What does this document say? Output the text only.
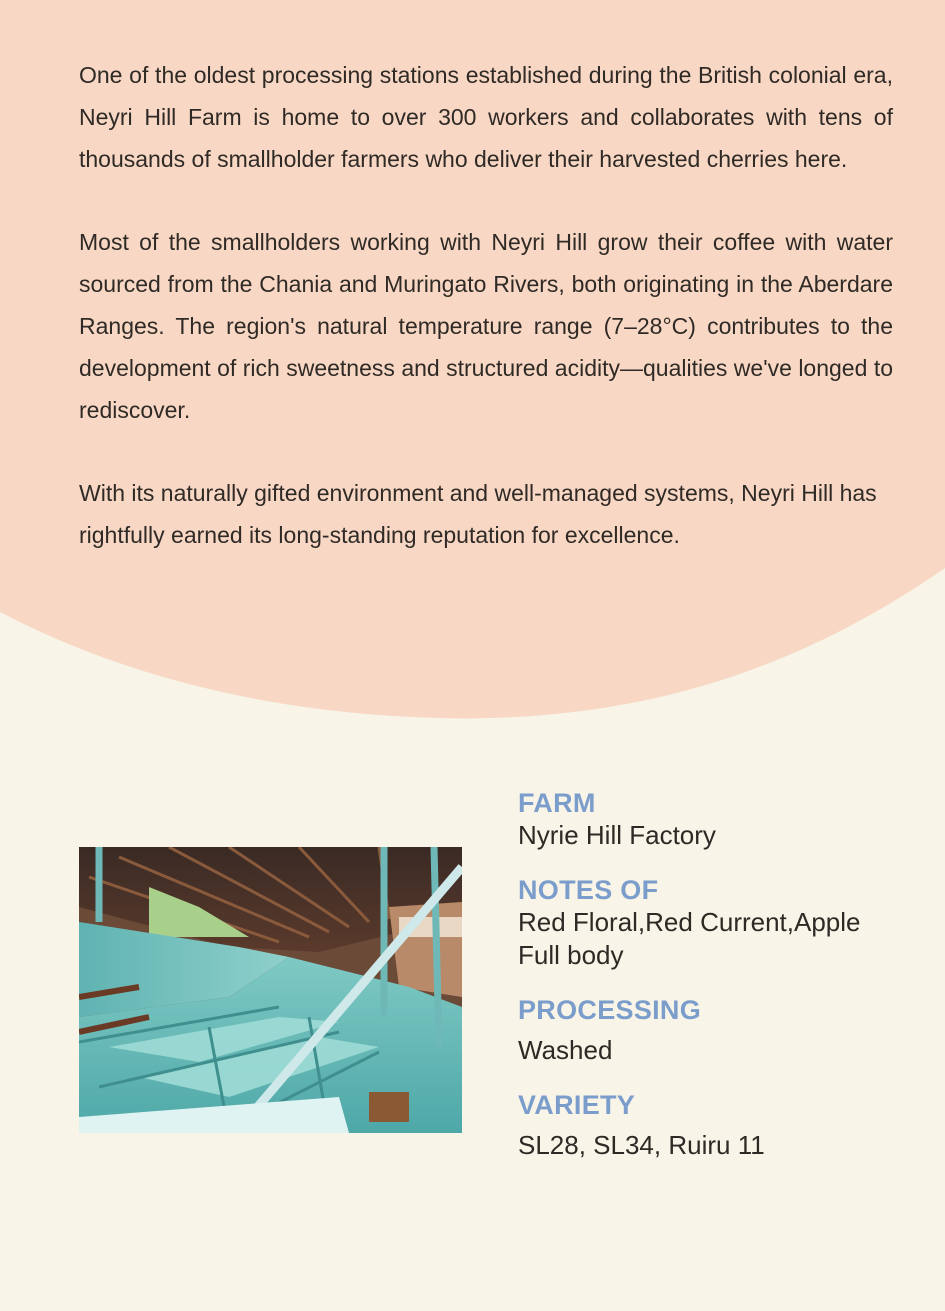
One of the oldest processing stations established during the British colonial era, Neyri Hill Farm is home to over 300 workers and collaborates with tens of thousands of smallholder farmers who deliver their harvested cherries here.

Most of the smallholders working with Neyri Hill grow their coffee with water sourced from the Chania and Muringato Rivers, both originating in the Aberdare Ranges. The region's natural temperature range (7–28°C) contributes to the development of rich sweetness and structured acidity—qualities we've longed to rediscover.

With its naturally gifted environment and well-managed systems, Neyri Hill has rightfully earned its long-standing reputation for excellence.

FARM
Nyrie Hill Factory
NOTES OF
Red Floral,Red Current,Apple
Full body
PROCESSING
Washed
VARIETY
SL28, SL34, Ruiru 11
